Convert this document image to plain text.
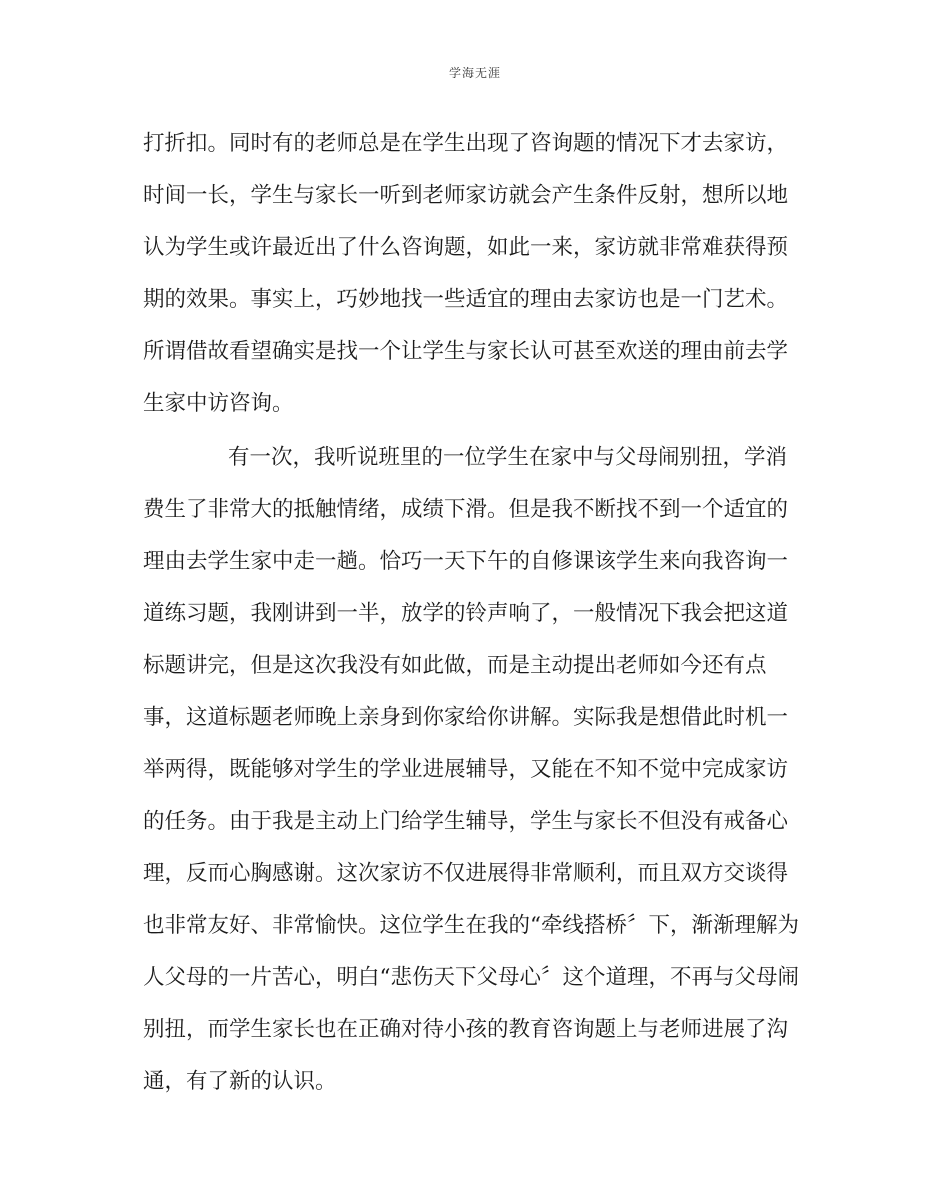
学海无涯
打折扣。同时有的老师总是在学生出现了咨询题的情况下才去家访，
时间一长，学生与家长一听到老师家访就会产生条件反射，想所以地
认为学生或许最近出了什么咨询题，如此一来，家访就非常难获得预
期的效果。事实上，巧妙地找一些适宜的理由去家访也是一门艺术。
所谓借故看望确实是找一个让学生与家长认可甚至欢送的理由前去学
生家中访咨询。
有一次，我听说班里的一位学生在家中与父母闹别扭，学消
费生了非常大的抵触情绪，成绩下滑。但是我不断找不到一个适宜的
理由去学生家中走一趟。恰巧一天下午的自修课该学生来向我咨询一
道练习题，我刚讲到一半，放学的铃声响了，一般情况下我会把这道
标题讲完，但是这次我没有如此做，而是主动提出老师如今还有点
事，这道标题老师晚上亲身到你家给你讲解。实际我是想借此时机一
举两得，既能够对学生的学业进展辅导，又能在不知不觉中完成家访
的任务。由于我是主动上门给学生辅导，学生与家长不但没有戒备心
理，反而心胸感谢。这次家访不仅进展得非常顺利，而且双方交谈得
也非常友好、非常愉快。这位学生在我的“牵线搭桥〞下，渐渐理解为
人父母的一片苦心，明白“悲伤天下父母心〞这个道理，不再与父母闹
别扭，而学生家长也在正确对待小孩的教育咨询题上与老师进展了沟
通，有了新的认识。
